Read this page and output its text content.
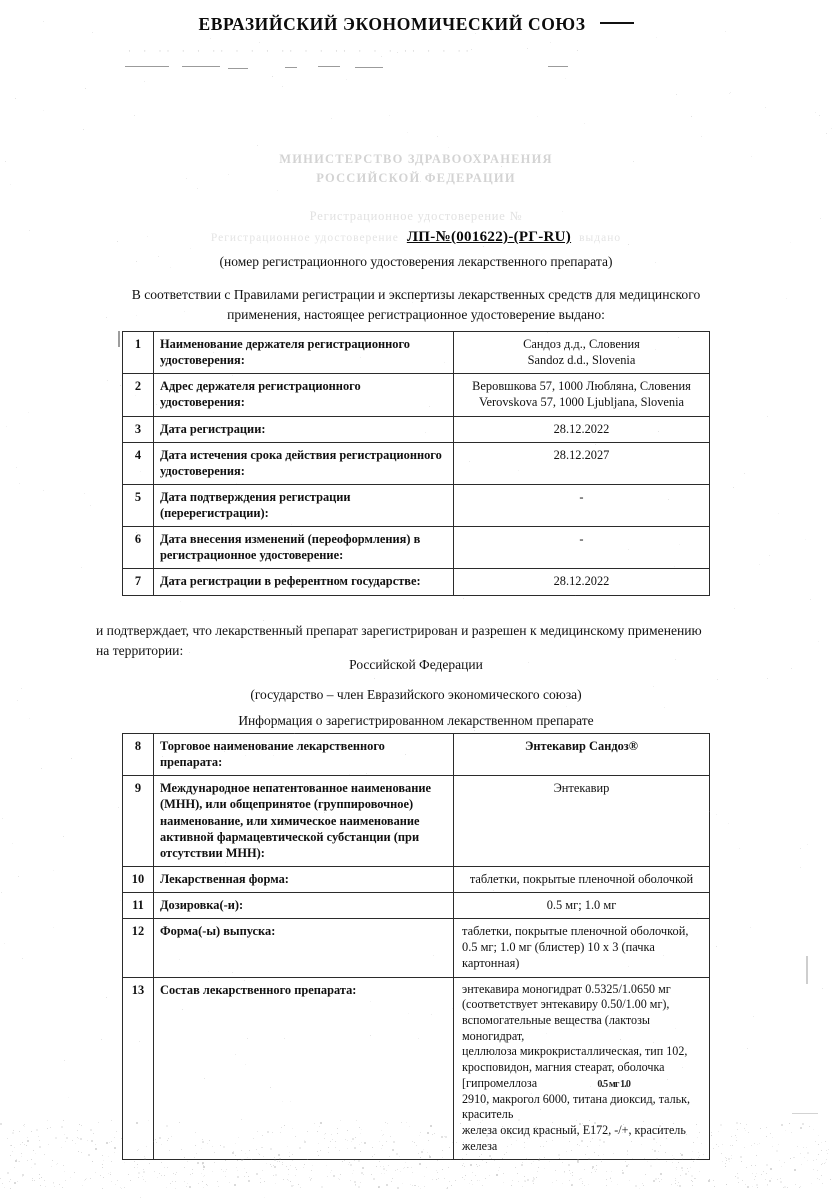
ЕВРАЗИЙСКИЙ ЭКОНОМИЧЕСКИЙ СОЮЗ
· · ·· · · ·· · · · ·· · · ·· · · · ·· · · ··
МИНИСТЕРСТВО ЗДРАВООХРАНЕНИЯ
РОССИЙСКОЙ ФЕДЕРАЦИИ
Регистрационное удостоверение №
Регистрационное удостоверение ЛП-№(001622)-(РГ-RU) выдано
(номер регистрационного удостоверения лекарственного препарата)
В соответствии с Правилами регистрации и экспертизы лекарственных средств для медицинского
применения, настоящее регистрационное удостоверение выдано:
1	Наименование держателя регистрационного удостоверения:	Сандоз д.д., Словения
Sandoz d.d., Slovenia

2	Адрес держателя регистрационного удостоверения:	Веровшкова 57, 1000 Любляна, Словения
Verovskova 57, 1000 Ljubljana, Slovenia

3	Дата регистрации:	28.12.2022

4	Дата истечения срока действия регистрационного удостоверения:	28.12.2027

5	Дата подтверждения регистрации (перерегистрации):	-

6	Дата внесения изменений (переоформления) в регистрационное удостоверение:	-

7	Дата регистрации в референтном государстве:	28.12.2022
и подтверждает, что лекарственный препарат зарегистрирован и разрешен к медицинскому применению
на территории:
Российской Федерации
(государство – член Евразийского экономического союза)
Информация о зарегистрированном лекарственном препарате
8	Торговое наименование лекарственного препарата:	Энтекавир Сандоз®

9	Международное непатентованное наименование (МНН), или общепринятое (группировочное) наименование, или химическое наименование активной фармацевтической субстанции (при отсутствии МНН):	Энтекавир

10	Лекарственная форма:	таблетки, покрытые пленочной оболочкой

11	Дозировка(-и):	0.5 мг; 1.0 мг

12	Форма(-ы) выпуска:	таблетки, покрытые пленочной оболочкой,
0.5 мг; 1.0 мг (блистер) 10 х 3 (пачка картонная)

13	Состав лекарственного препарата:	энтекавира моногидрат 0.5325/1.0650 мг
(соответствует энтекавиру 0.50/1.00 мг),
вспомогательные вещества (лактозы моногидрат,
целлюлоза микрокристаллическая, тип 102,
кросповидон, магния стеарат, оболочка [гипромеллоза
2910, макрогол 6000, титана диоксид, тальк, краситель
железа оксид красный, E172, -/+, краситель железа
0.5 мг 1.0
